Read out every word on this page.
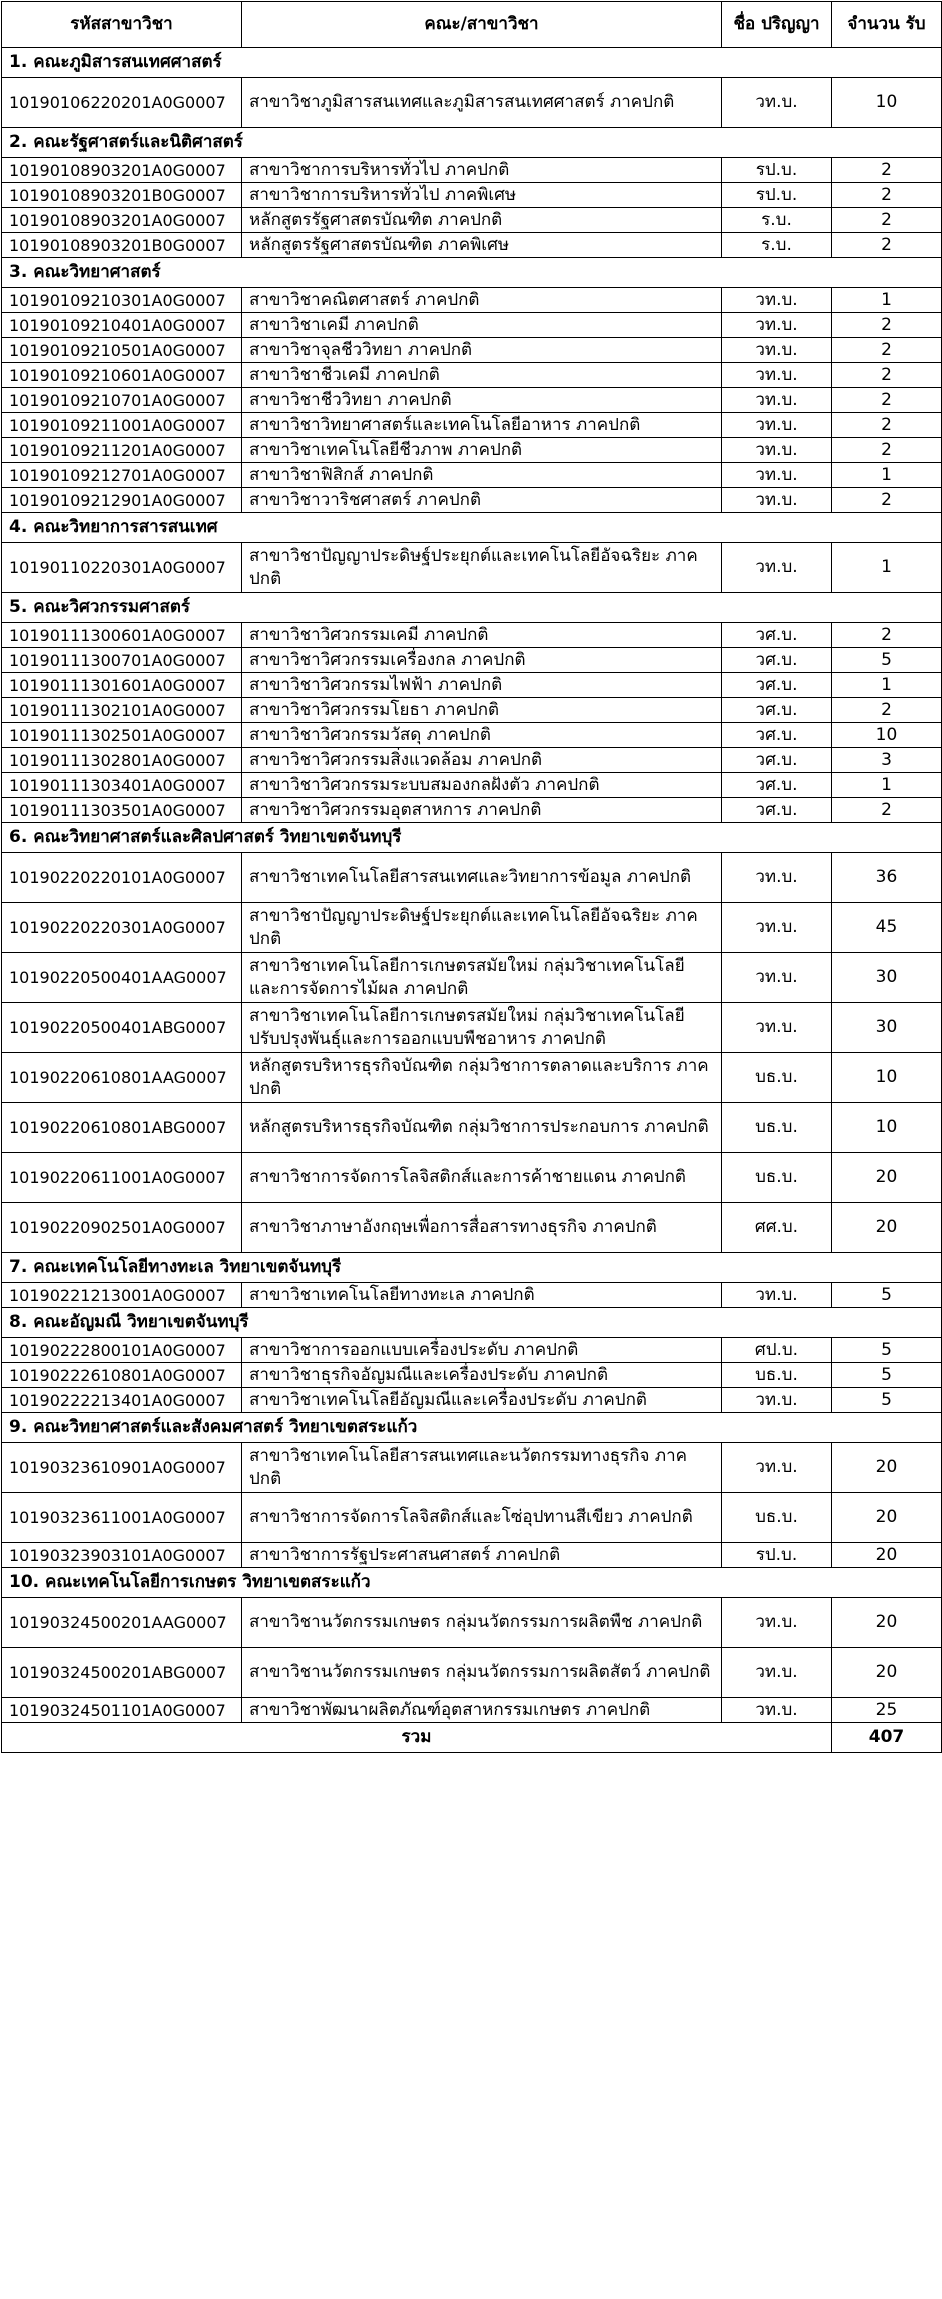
รหัสสาขาวิชา	คณะ/สาขาวิชา	ชื่อ ปริญญา	จำนวน รับ
1. คณะภูมิสารสนเทศศาสตร์			
10190106220201A0G0007	สาขาวิชาภูมิสารสนเทศและภูมิสารสนเทศศาสตร์ ภาคปกติ	วท.บ.	10
2. คณะรัฐศาสตร์และนิติศาสตร์			
10190108903201A0G0007	สาขาวิชาการบริหารทั่วไป ภาคปกติ	รป.บ.	2
10190108903201B0G0007	สาขาวิชาการบริหารทั่วไป ภาคพิเศษ	รป.บ.	2
10190108903201A0G0007	หลักสูตรรัฐศาสตรบัณฑิต ภาคปกติ	ร.บ.	2
10190108903201B0G0007	หลักสูตรรัฐศาสตรบัณฑิต ภาคพิเศษ	ร.บ.	2
3. คณะวิทยาศาสตร์			
10190109210301A0G0007	สาขาวิชาคณิตศาสตร์ ภาคปกติ	วท.บ.	1
10190109210401A0G0007	สาขาวิชาเคมี ภาคปกติ	วท.บ.	2
10190109210501A0G0007	สาขาวิชาจุลชีววิทยา ภาคปกติ	วท.บ.	2
10190109210601A0G0007	สาขาวิชาชีวเคมี ภาคปกติ	วท.บ.	2
10190109210701A0G0007	สาขาวิชาชีววิทยา ภาคปกติ	วท.บ.	2
10190109211001A0G0007	สาขาวิชาวิทยาศาสตร์และเทคโนโลยีอาหาร ภาคปกติ	วท.บ.	2
10190109211201A0G0007	สาขาวิชาเทคโนโลยีชีวภาพ ภาคปกติ	วท.บ.	2
10190109212701A0G0007	สาขาวิชาฟิสิกส์ ภาคปกติ	วท.บ.	1
10190109212901A0G0007	สาขาวิชาวาริชศาสตร์ ภาคปกติ	วท.บ.	2
4. คณะวิทยาการสารสนเทศ			
10190110220301A0G0007	สาขาวิชาปัญญาประดิษฐ์ประยุกต์และเทคโนโลยีอัจฉริยะ ภาคปกติ	วท.บ.	1
5. คณะวิศวกรรมศาสตร์			
10190111300601A0G0007	สาขาวิชาวิศวกรรมเคมี ภาคปกติ	วศ.บ.	2
10190111300701A0G0007	สาขาวิชาวิศวกรรมเครื่องกล ภาคปกติ	วศ.บ.	5
10190111301601A0G0007	สาขาวิชาวิศวกรรมไฟฟ้า ภาคปกติ	วศ.บ.	1
10190111302101A0G0007	สาขาวิชาวิศวกรรมโยธา ภาคปกติ	วศ.บ.	2
10190111302501A0G0007	สาขาวิชาวิศวกรรมวัสดุ ภาคปกติ	วศ.บ.	10
10190111302801A0G0007	สาขาวิชาวิศวกรรมสิ่งแวดล้อม ภาคปกติ	วศ.บ.	3
10190111303401A0G0007	สาขาวิชาวิศวกรรมระบบสมองกลฝังตัว ภาคปกติ	วศ.บ.	1
10190111303501A0G0007	สาขาวิชาวิศวกรรมอุตสาหการ ภาคปกติ	วศ.บ.	2
6. คณะวิทยาศาสตร์และศิลปศาสตร์ วิทยาเขตจันทบุรี			
10190220220101A0G0007	สาขาวิชาเทคโนโลยีสารสนเทศและวิทยาการข้อมูล ภาคปกติ	วท.บ.	36
10190220220301A0G0007	สาขาวิชาปัญญาประดิษฐ์ประยุกต์และเทคโนโลยีอัจฉริยะ ภาคปกติ	วท.บ.	45
10190220500401AAG0007	สาขาวิชาเทคโนโลยีการเกษตรสมัยใหม่ กลุ่มวิชาเทคโนโลยีและการจัดการไม้ผล ภาคปกติ	วท.บ.	30
10190220500401ABG0007	สาขาวิชาเทคโนโลยีการเกษตรสมัยใหม่ กลุ่มวิชาเทคโนโลยีปรับปรุงพันธุ์และการออกแบบพืชอาหาร ภาคปกติ	วท.บ.	30
10190220610801AAG0007	หลักสูตรบริหารธุรกิจบัณฑิต กลุ่มวิชาการตลาดและบริการ ภาคปกติ	บธ.บ.	10
10190220610801ABG0007	หลักสูตรบริหารธุรกิจบัณฑิต กลุ่มวิชาการประกอบการ ภาคปกติ	บธ.บ.	10
10190220611001A0G0007	สาขาวิชาการจัดการโลจิสติกส์และการค้าชายแดน ภาคปกติ	บธ.บ.	20
10190220902501A0G0007	สาขาวิชาภาษาอังกฤษเพื่อการสื่อสารทางธุรกิจ ภาคปกติ	ศศ.บ.	20
7. คณะเทคโนโลยีทางทะเล วิทยาเขตจันทบุรี			
10190221213001A0G0007	สาขาวิชาเทคโนโลยีทางทะเล ภาคปกติ	วท.บ.	5
8. คณะอัญมณี วิทยาเขตจันทบุรี			
10190222800101A0G0007	สาขาวิชาการออกแบบเครื่องประดับ ภาคปกติ	ศป.บ.	5
10190222610801A0G0007	สาขาวิชาธุรกิจอัญมณีและเครื่องประดับ ภาคปกติ	บธ.บ.	5
10190222213401A0G0007	สาขาวิชาเทคโนโลยีอัญมณีและเครื่องประดับ ภาคปกติ	วท.บ.	5
9. คณะวิทยาศาสตร์และสังคมศาสตร์ วิทยาเขตสระแก้ว			
10190323610901A0G0007	สาขาวิชาเทคโนโลยีสารสนเทศและนวัตกรรมทางธุรกิจ ภาคปกติ	วท.บ.	20
10190323611001A0G0007	สาขาวิชาการจัดการโลจิสติกส์และโซ่อุปทานสีเขียว ภาคปกติ	บธ.บ.	20
10190323903101A0G0007	สาขาวิชาการรัฐประศาสนศาสตร์ ภาคปกติ	รป.บ.	20
10. คณะเทคโนโลยีการเกษตร วิทยาเขตสระแก้ว			
10190324500201AAG0007	สาขาวิชานวัตกรรมเกษตร กลุ่มนวัตกรรมการผลิตพืช ภาคปกติ	วท.บ.	20
10190324500201ABG0007	สาขาวิชานวัตกรรมเกษตร กลุ่มนวัตกรรมการผลิตสัตว์ ภาคปกติ	วท.บ.	20
10190324501101A0G0007	สาขาวิชาพัฒนาผลิตภัณฑ์อุตสาหกรรมเกษตร ภาคปกติ	วท.บ.	25
รวม			407
